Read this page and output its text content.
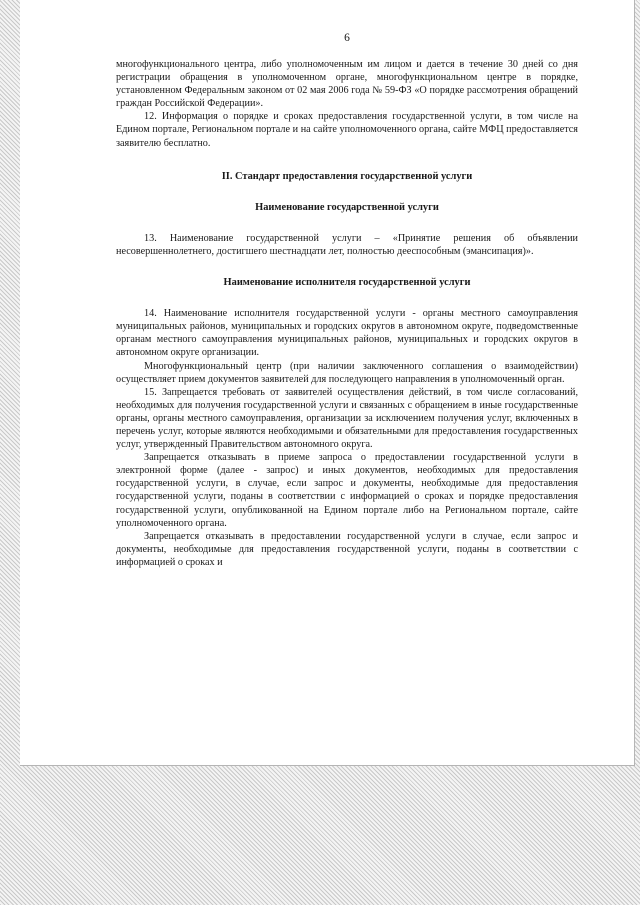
6

многофункционального центра, либо уполномоченным им лицом и дается в течение 30 дней со дня регистрации обращения в уполномоченном органе, многофункциональном центре в порядке, установленном Федеральным законом от 02 мая 2006 года № 59-ФЗ «О порядке рассмотрения обращений граждан Российской Федерации».

12. Информация о порядке и сроках предоставления государственной услуги, в том числе на Едином портале, Региональном портале и на сайте уполномоченного органа, сайте МФЦ предоставляется заявителю бесплатно.

II. Стандарт предоставления государственной услуги
Наименование государственной услуги

13. Наименование государственной услуги – «Принятие решения об объявлении несовершеннолетнего, достигшего шестнадцати лет, полностью дееспособным (эмансипация)».

Наименование исполнителя государственной услуги

14. Наименование исполнителя государственной услуги - органы местного самоуправления муниципальных районов, муниципальных и городских округов в автономном округе, подведомственные органам местного самоуправления муниципальных районов, муниципальных и городских округов в автономном округе организации.

Многофункциональный центр (при наличии заключенного соглашения о взаимодействии) осуществляет прием документов заявителей для последующего направления в уполномоченный орган.

15. Запрещается требовать от заявителей осуществления действий, в том числе согласований, необходимых для получения государственной услуги и связанных с обращением в иные государственные органы, органы местного самоуправления, организации за исключением получения услуг, включенных в перечень услуг, которые являются необходимыми и обязательными для предоставления государственных услуг, утвержденный Правительством автономного округа.

Запрещается отказывать в приеме запроса о предоставлении государственной услуги в электронной форме (далее - запрос) и иных документов, необходимых для предоставления государственной услуги, в случае, если запрос и документы, необходимые для предоставления государственной услуги, поданы в соответствии с информацией о сроках и порядке предоставления государственной услуги, опубликованной на Едином портале либо на Региональном портале, сайте уполномоченного органа.

Запрещается отказывать в предоставлении государственной услуги в случае, если запрос и документы, необходимые для предоставления государственной услуги, поданы в соответствии с информацией о сроках и
